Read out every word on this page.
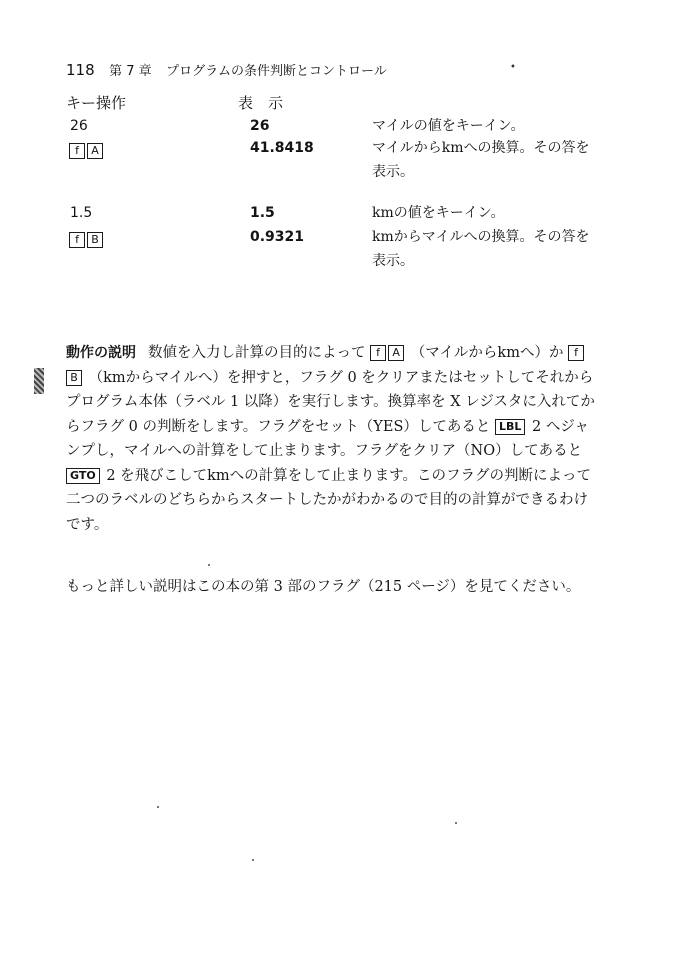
118 第 7 章 プログラムの条件判断とコントロール	•
キー操作	表　示
26	26	マイルの値をキーイン。
f A	41.8418	マイルからkmへの換算。その答を表示。
1.5	1.5	kmの値をキーイン。
f B	0.9321	kmからマイルへの換算。その答を表示。
動作の説明 数値を入力し計算の目的によって f A （マイルからkmへ）か fB （kmからマイルへ）を押すと，フラグ 0 をクリアまたはセットしてそれからプログラム本体（ラベル 1 以降）を実行します。換算率を X レジスタに入れてからフラグ 0 の判断をします。フラグをセット（YES）してあると LBL 2 へジャンプし，マイルへの計算をして止まります。フラグをクリア（NO）してあると GTO 2 を飛びこしてkmへの計算をして止まります。このフラグの判断によって二つのラベルのどちらからスタートしたかがわかるので目的の計算ができるわけです。
もっと詳しい説明はこの本の第 3 部のフラグ（215 ページ）を見てください。
